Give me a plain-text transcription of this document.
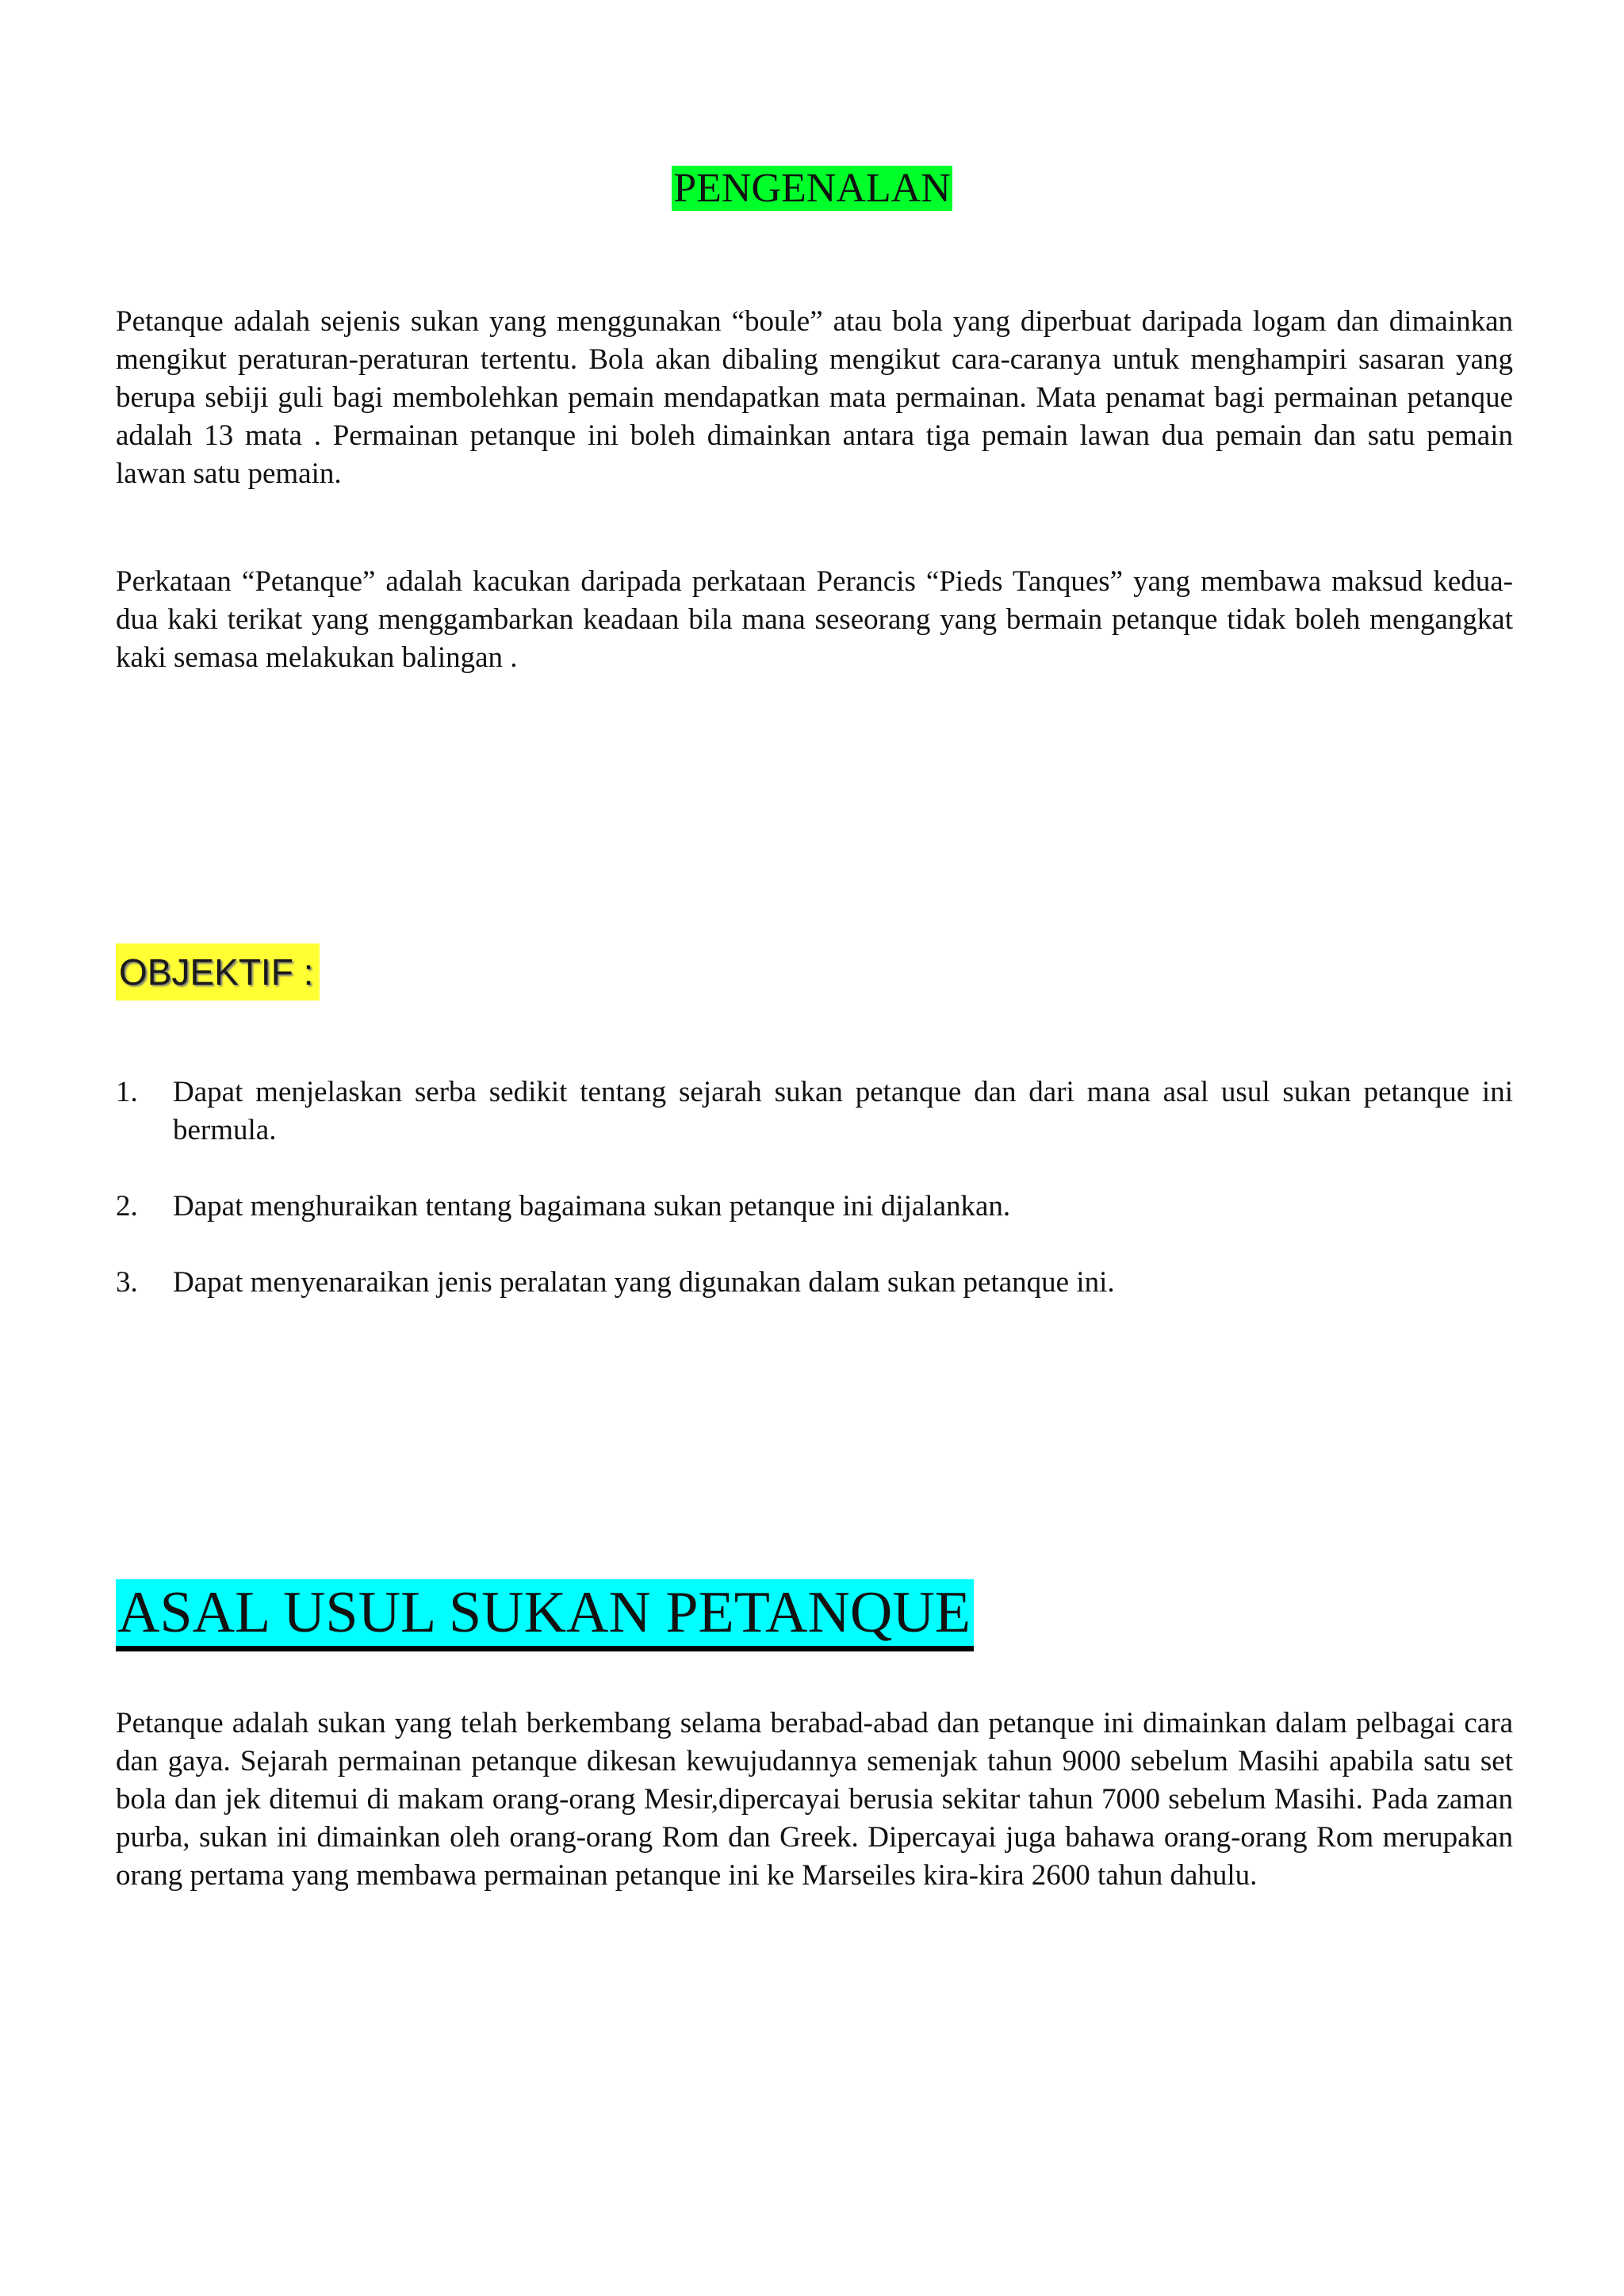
PENGENALAN

Petanque adalah sejenis sukan yang menggunakan “boule” atau bola yang diperbuat daripada logam dan dimainkan mengikut peraturan-peraturan tertentu. Bola akan dibaling mengikut cara-caranya untuk menghampiri sasaran yang berupa sebiji guli bagi membolehkan pemain mendapatkan mata permainan. Mata penamat bagi permainan petanque adalah 13 mata . Permainan petanque ini boleh dimainkan antara tiga pemain lawan dua pemain dan satu pemain lawan satu pemain.

Perkataan “Petanque” adalah kacukan daripada perkataan Perancis “Pieds Tanques” yang membawa maksud kedua-dua kaki terikat yang menggambarkan keadaan bila mana seseorang yang bermain petanque tidak boleh mengangkat kaki semasa melakukan balingan .

OBJEKTIF :
1. Dapat menjelaskan serba sedikit tentang sejarah sukan petanque dan dari mana asal usul sukan petanque ini bermula.
2. Dapat menghuraikan tentang bagaimana sukan petanque ini dijalankan.
3. Dapat menyenaraikan jenis peralatan yang digunakan dalam sukan petanque ini.
ASAL USUL SUKAN PETANQUE

Petanque adalah sukan yang telah berkembang selama berabad-abad dan petanque ini dimainkan dalam pelbagai cara dan gaya. Sejarah permainan petanque dikesan kewujudannya semenjak tahun 9000 sebelum Masihi apabila satu set bola dan jek ditemui di makam orang-orang Mesir,dipercayai berusia sekitar tahun 7000 sebelum Masihi. Pada zaman purba, sukan ini dimainkan oleh orang-orang Rom dan Greek. Dipercayai juga bahawa orang-orang Rom merupakan orang pertama yang membawa permainan petanque ini ke Marseiles kira-kira 2600 tahun dahulu.
